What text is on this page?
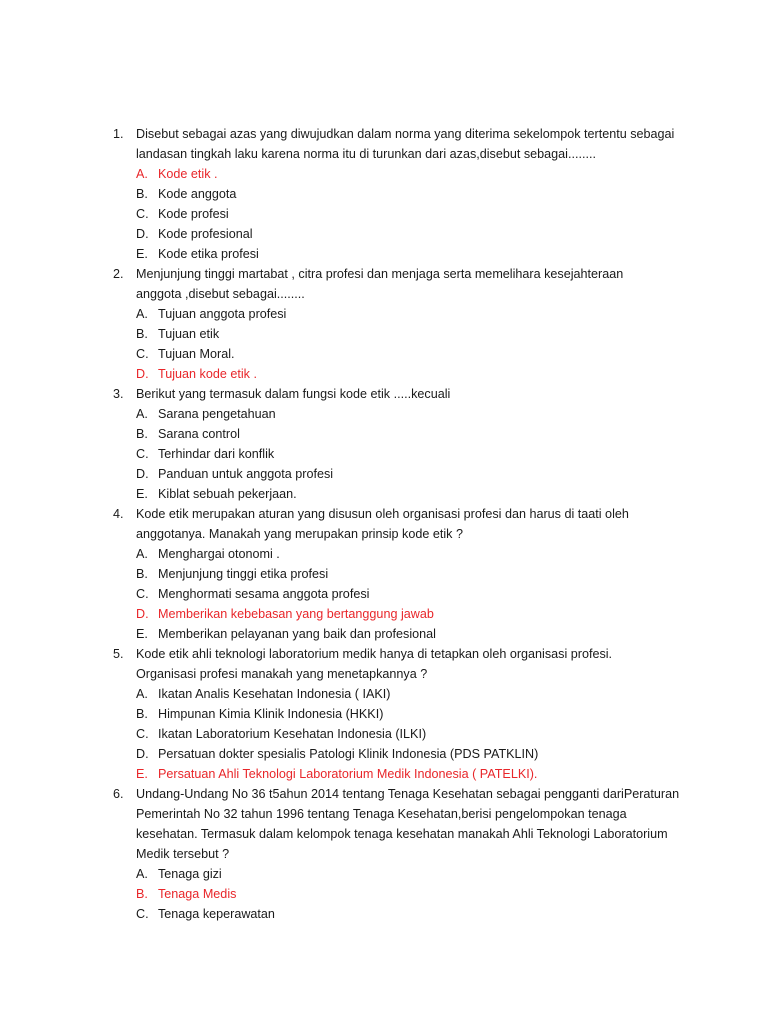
1. Disebut sebagai azas yang diwujudkan dalam norma yang diterima sekelompok tertentu sebagai
landasan tingkah laku karena norma itu di turunkan dari azas,disebut sebagai........
A. Kode etik .
B. Kode anggota
C. Kode profesi
D. Kode profesional
E. Kode etika profesi
2. Menjunjung tinggi martabat , citra profesi dan menjaga serta memelihara kesejahteraan
anggota ,disebut sebagai........
A. Tujuan anggota profesi
B. Tujuan etik
C. Tujuan Moral.
D. Tujuan kode etik .
3. Berikut yang termasuk dalam fungsi kode etik .....kecuali
A. Sarana pengetahuan
B. Sarana control
C. Terhindar dari konflik
D. Panduan untuk anggota profesi
E. Kiblat sebuah pekerjaan.
4. Kode etik merupakan aturan yang disusun oleh organisasi profesi dan harus di taati oleh
anggotanya. Manakah yang merupakan prinsip kode etik ?
A. Menghargai otonomi .
B. Menjunjung tinggi etika profesi
C. Menghormati sesama anggota profesi
D. Memberikan kebebasan yang bertanggung jawab
E. Memberikan pelayanan yang baik dan profesional
5. Kode etik ahli teknologi laboratorium medik hanya di tetapkan oleh organisasi profesi.
Organisasi profesi manakah yang menetapkannya ?
A. Ikatan Analis Kesehatan Indonesia ( IAKI)
B. Himpunan Kimia Klinik Indonesia (HKKI)
C. Ikatan Laboratorium Kesehatan Indonesia (ILKI)
D. Persatuan dokter spesialis Patologi Klinik Indonesia (PDS PATKLIN)
E. Persatuan Ahli Teknologi Laboratorium Medik Indonesia ( PATELKI).
6. Undang-Undang No 36 t5ahun 2014 tentang Tenaga Kesehatan sebagai pengganti dariPeraturan
Pemerintah No 32 tahun 1996 tentang Tenaga Kesehatan,berisi pengelompokan tenaga
kesehatan. Termasuk dalam kelompok tenaga kesehatan manakah Ahli Teknologi Laboratorium
Medik tersebut ?
A. Tenaga gizi
B. Tenaga Medis
C. Tenaga keperawatan
